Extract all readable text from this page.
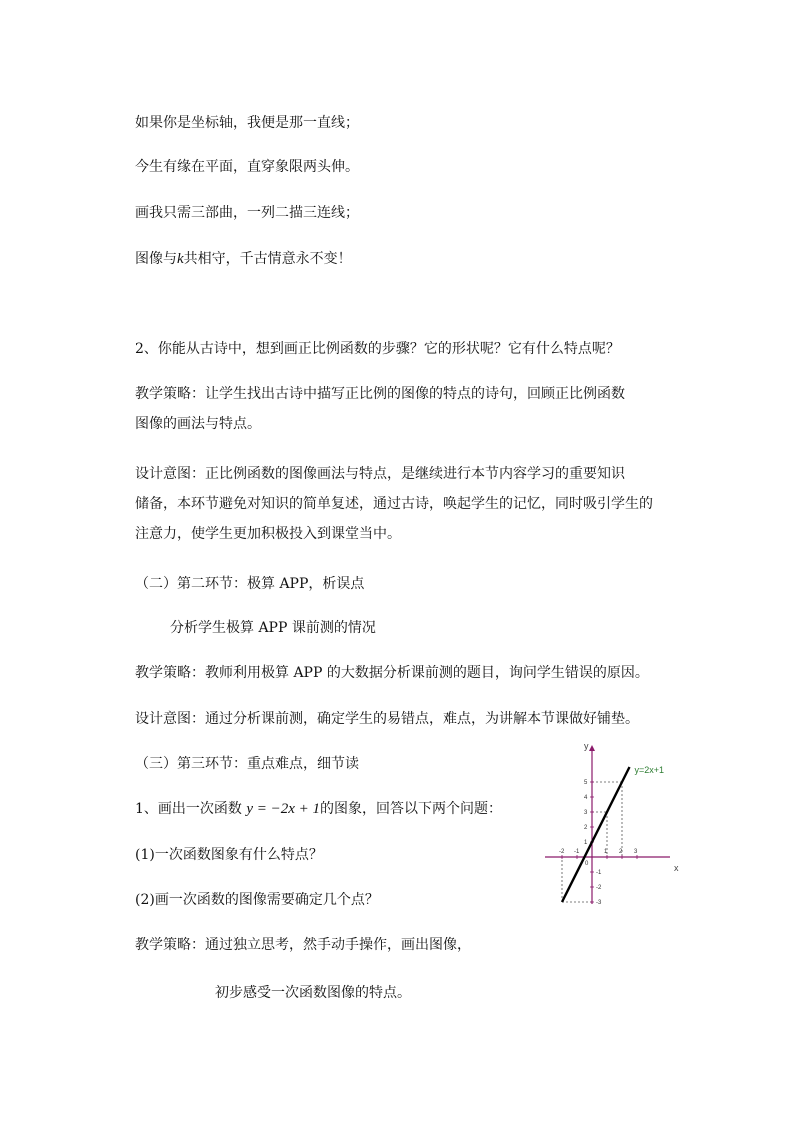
如果你是坐标轴，我便是那一直线；
今生有缘在平面，直穿象限两头伸。
画我只需三部曲，一列二描三连线；
图像与k共相守，千古情意永不变！
2、你能从古诗中，想到画正比例函数的步骤？它的形状呢？它有什么特点呢？
教学策略：让学生找出古诗中描写正比例的图像的特点的诗句，回顾正比例函数
图像的画法与特点。
设计意图：正比例函数的图像画法与特点，是继续进行本节内容学习的重要知识
储备，本环节避免对知识的简单复述，通过古诗，唤起学生的记忆，同时吸引学生的
注意力，使学生更加积极投入到课堂当中。
（二）第二环节：极算 APP，析误点
分析学生极算 APP 课前测的情况
教学策略：教师利用极算 APP 的大数据分析课前测的题目，询问学生错误的原因。
设计意图：通过分析课前测，确定学生的易错点，难点，为讲解本节课做好铺垫。
（三）第三环节：重点难点，细节读
1、画出一次函数 y = −2x + 1的图象，回答以下两个问题：
(1)一次函数图象有什么特点？
(2)画一次函数的图像需要确定几个点？
教学策略：通过独立思考，然手动手操作，画出图像，
初步感受一次函数图像的特点。
y
x
-2 -1	1 2 3
-3
-2
-1
1
2
3
4
5
0
y=2x+1
